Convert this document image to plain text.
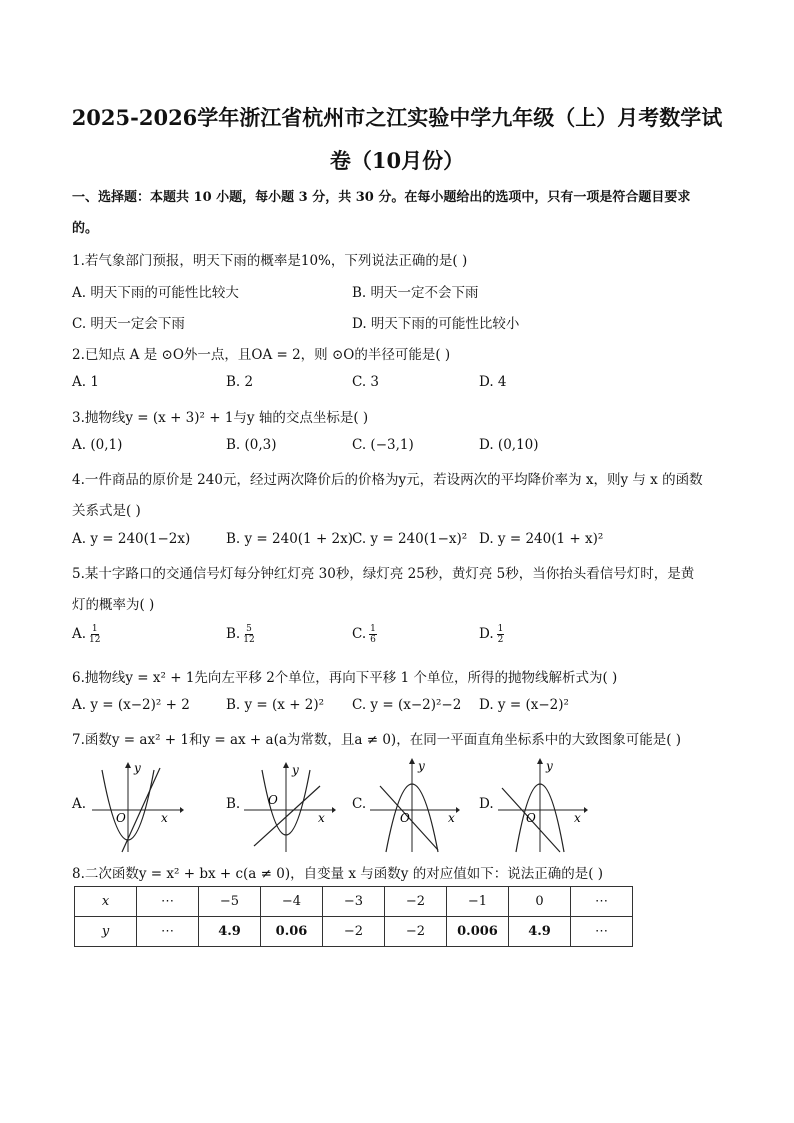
2025-2026学年浙江省杭州市之江实验中学九年级（上）月考数学试
卷（10月份）
一、选择题：本题共 10 小题，每小题 3 分，共 30 分。在每小题给出的选项中，只有一项是符合题目要求
的。
1.若气象部门预报，明天下雨的概率是10%，下列说法正确的是( )
A. 明天下雨的可能性比较大	B. 明天一定不会下雨
C. 明天一定会下雨	D. 明天下雨的可能性比较小
2.已知点 A 是 ⊙O外一点，且OA = 2，则 ⊙O的半径可能是( )
A. 1	B. 2	C. 3	D. 4
3.抛物线y = (x + 3)² + 1与y 轴的交点坐标是( )
A. (0,1)	B. (0,3)	C. (−3,1)	D. (0,10)
4.一件商品的原价是 240元，经过两次降价后的价格为y元，若设两次的平均降价率为 x，则y 与 x 的函数
关系式是( )
A. y = 240(1−2x)	B. y = 240(1 + 2x)
C. y = 240(1−x)² D. y = 240(1 + x)²
5.某十字路口的交通信号灯每分钟红灯亮 30秒，绿灯亮 25秒，黄灯亮 5秒，当你抬头看信号灯时，是黄
灯的概率为( )
A. $\frac{1}{12}$	B. $\frac{5}{12}$	C. $\frac{1}{6}$	D. $\frac{1}{2}$
6.抛物线y = x² + 1先向左平移 2个单位，再向下平移 1 个单位，所得的抛物线解析式为( )
A. y = (x−2)² + 2	B. y = (x + 2)² C. y = (x−2)²−2 D. y = (x−2)²
7.函数y = ax² + 1和y = ax + a(a为常数，且a ≠ 0)，在同一平面直角坐标系中的大致图象可能是( )
A.	B.	C.	D.
y
x
O
y
x
O
y
x
O
y
x
O
8.二次函数y = x² + bx + c(a ≠ 0)，自变量 x 与函数y 的对应值如下：说法正确的是( )
x	⋯	−5	−4	−3	−2	−1	0	⋯
y	⋯	4.9	0.06	−2	−2	0.006	4.9	⋯
